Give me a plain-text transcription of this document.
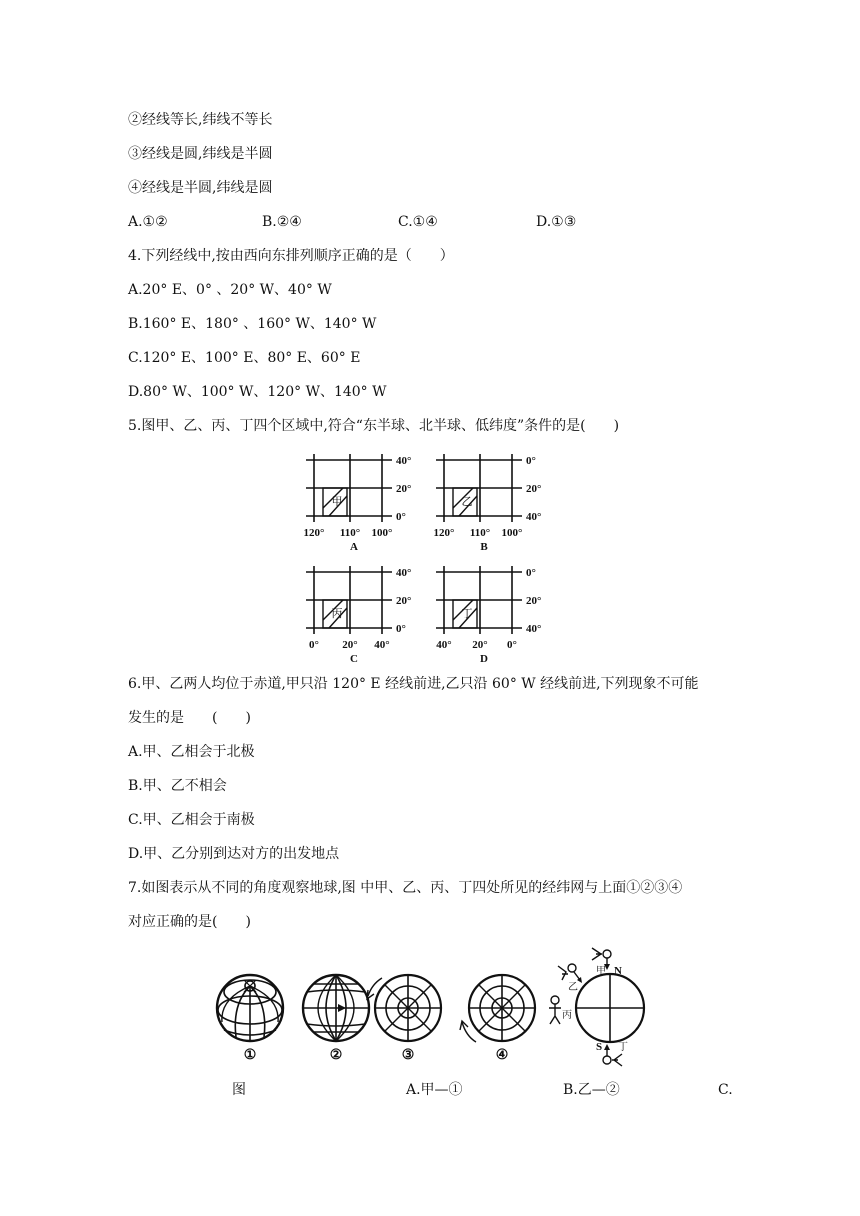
②经线等长,纬线不等长
③经线是圆,纬线是半圆
④经线是半圆,纬线是圆
A.①②	B.②④	C.①④	D.①③
4.下列经线中,按由西向东排列顺序正确的是（　　）
A.20° E、0° 、20° W、40° W
B.160° E、180° 、160° W、140° W
C.120° E、100° E、80° E、60° E
D.80° W、100° W、120° W、140° W
5.图甲、乙、丙、丁四个区域中,符合“东半球、北半球、低纬度”条件的是(　　)
甲
40°
20°
0°
120° 110° 100°
A
乙
0°
20°
40°
120° 110° 100°
B
丙
40°
20°
0°
0° 20° 40°
C
丁
0°
20°
40°
40° 20° 0°
D
6.甲、乙两人均位于赤道,甲只沿 120° E 经线前进,乙只沿 60° W 经线前进,下列现象不可能
发生的是　　(　　)
A.甲、乙相会于北极
B.甲、乙不相会
C.甲、乙相会于南极
D.甲、乙分别到达对方的出发地点
7.如图表示从不同的角度观察地球,图 中甲、乙、丙、丁四处所见的经纬网与上面①②③④
对应正确的是(　　)
①	②	③	④
甲 N
乙
丙
S 丁
图	A.甲—①	B.乙—②	C.
